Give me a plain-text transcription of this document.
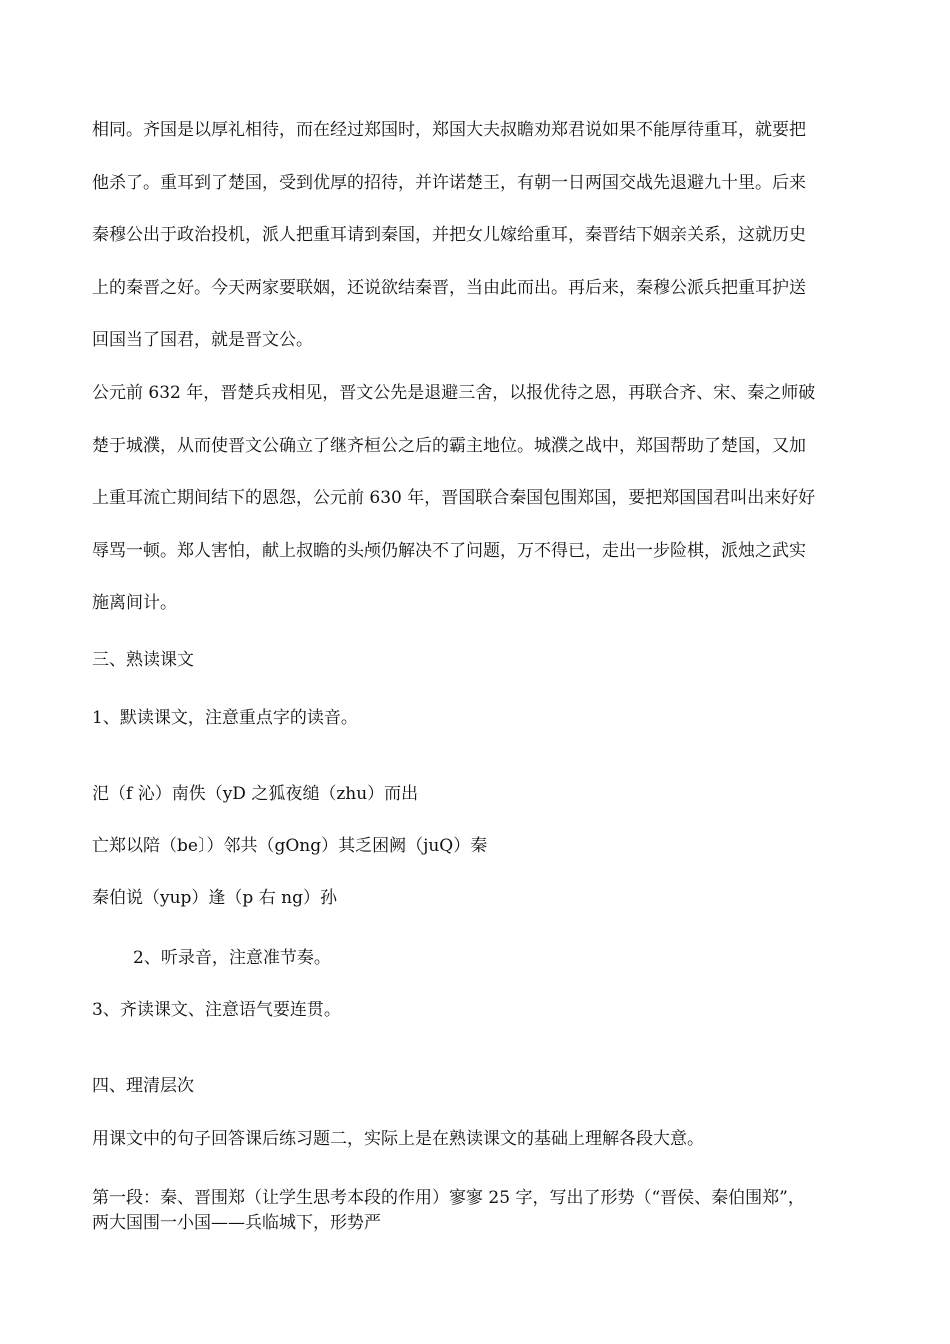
相同。齐国是以厚礼相待，而在经过郑国时，郑国大夫叔瞻劝郑君说如果不能厚待重耳，就要把
他杀了。重耳到了楚国，受到优厚的招待，并许诺楚王，有朝一日两国交战先退避九十里。后来
秦穆公出于政治投机，派人把重耳请到秦国，并把女儿嫁给重耳，秦晋结下姻亲关系，这就历史
上的秦晋之好。今天两家要联姻，还说欲结秦晋，当由此而出。再后来，秦穆公派兵把重耳护送
回国当了国君，就是晋文公。
公元前 632 年，晋楚兵戎相见，晋文公先是退避三舍，以报优待之恩，再联合齐、宋、秦之师破
楚于城濮，从而使晋文公确立了继齐桓公之后的霸主地位。城濮之战中，郑国帮助了楚国，又加
上重耳流亡期间结下的恩怨，公元前 630 年，晋国联合秦国包围郑国，要把郑国国君叫出来好好
辱骂一顿。郑人害怕，献上叔瞻的头颅仍解决不了问题，万不得已，走出一步险棋，派烛之武实
施离间计。

三、熟读课文

1、默读课文，注意重点字的读音。

汜（f 沁）南佚（yD 之狐夜缒（zhu）而出

亡郑以陪（be〕）邻共（gOng）其乏困阙（juQ）秦

秦伯说（yup）逢（p 右 ng）孙

2、听录音，注意准节奏。

3、齐读课文、注意语气要连贯。

四、理清层次

用课文中的句子回答课后练习题二，实际上是在熟读课文的基础上理解各段大意。

第一段：秦、晋围郑（让学生思考本段的作用）寥寥 25 字，写出了形势（“晋侯、秦伯围郑”，
两大国围一小国——兵临城下，形势严
